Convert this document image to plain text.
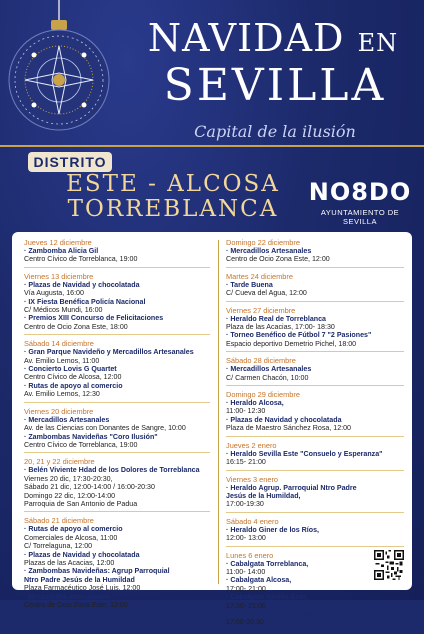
NAVIDAD EN
SEVILLA
Capital de la ilusión
DISTRITO
ESTE - ALCOSA
TORREBLANCA
NO8DO
AYUNTAMIENTO DE SEVILLA
Jueves 12 diciembre
· Zambomba Alicia Gil
Centro Cívico de Torreblanca, 19:00
Viernes 13 diciembre
· Plazas de Navidad y chocolatada
Vía Augusta, 16:00
· IX Fiesta Benéfica Policía Nacional
C/ Médicos Mundi, 16:00
· Premios XIII Concurso de Felicitaciones
Centro de Ocio Zona Este, 18:00
Sábado 14 diciembre
· Gran Parque Navideño y Mercadillos Artesanales
Av. Emilio Lemos, 11:00
· Concierto Lovis G Quartet
Centro Cívico de Alcosa, 12:00
· Rutas de apoyo al comercio
Av. Emilio Lemos, 12:30
Viernes 20 diciembre
· Mercadillos Artesanales
Av. de las Ciencias con Donantes de Sangre, 10:00
· Zambombas Navideñas "Coro Ilusión"
Centro Cívico de Torreblanca, 19:00
20, 21 y 22 diciembre
· Belén Viviente Hdad de los Dolores de Torreblanca
Viernes 20 dic, 17:30-20:30,
Sábado 21 dic, 12:00-14:00 / 16:00-20:30
Domingo 22 dic, 12:00-14:00
Parroquia de San Antonio de Padua
Sábado 21 diciembre
· Rutas de apoyo al comercio
Comerciales de Alcosa, 11:00
C/ Torrelaguna, 12:00
· Plazas de Navidad y chocolatada
Plazas de las Acacias, 12:00
· Zambombas Navideñas: Agrup Parroquial
Ntro Padre Jesús de la Humildad
Plaza Farmacéutico José Luis, 12:00
· Mercadillos Artesanales
Centro de Ocio Zona Este, 12:00
Domingo 22 diciembre
· Mercadillos Artesanales
Centro de Ocio Zona Este, 12:00
Martes 24 diciembre
· Tarde Buena
C/ Cueva del Agua, 12:00
Viernes 27 diciembre
· Heraldo Real de Torreblanca
Plaza de las Acacias, 17:00- 18:30
· Torneo Benéfico de Fútbol 7 "2 Pasiones"
Espacio deportivo Demetrio Pichel, 18:00
Sábado 28 diciembre
· Mercadillos Artesanales
C/ Carmen Chacón, 10:00
Domingo 29 diciembre
· Heraldo Alcosa,
11:00- 12:30
· Plazas de Navidad y chocolatada
Plaza de Maestro Sánchez Rosa, 12:00
Jueves 2 enero
· Heraldo Sevilla Este "Consuelo y Esperanza"
16:15- 21:00
Viernes 3 enero
· Heraldo Agrup. Parroquial Ntro Padre
Jesús de la Humildad,
17:00-19:30
Sábado 4 enero
· Heraldo Giner de los Ríos,
12:00- 13:00
Lunes 6 enero
· Cabalgata Torreblanca,
11:00- 14:00
· Cabalgata Alcosa,
17:00- 21:00
· Cabalgata Sevilla Este,
17:30- 21:00
· Cabalgata Entrepuentes,
17:00-20:30
